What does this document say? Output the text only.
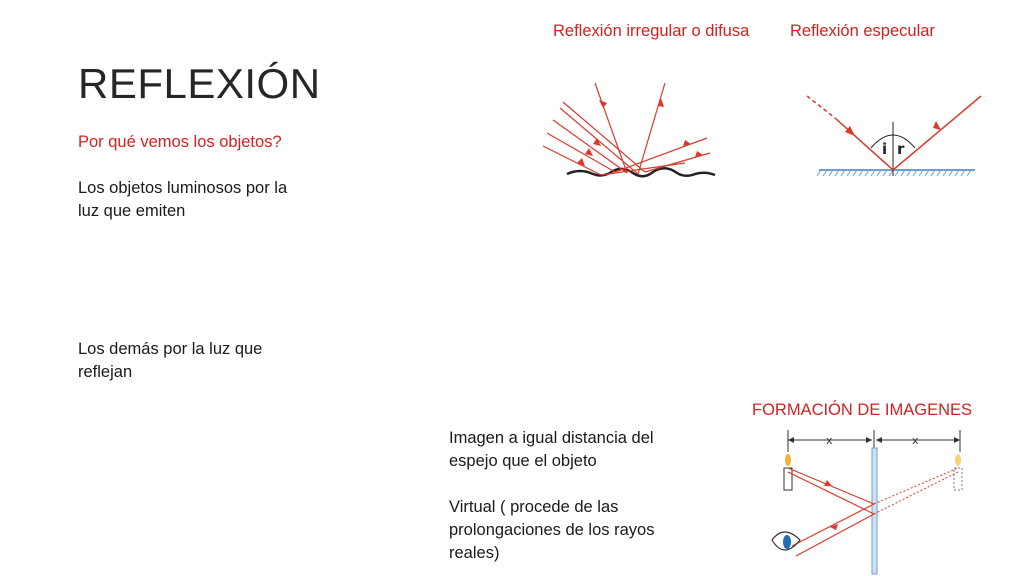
REFLEXIÓN
Por qué vemos los objetos?
Los objetos luminosos por la luz que emiten
Los demás por la luz que reflejan
Reflexión irregular o difusa Reflexión especular
i r
FORMACIÓN DE IMAGENES
Imagen a igual distancia del espejo que el objeto
Virtual ( procede de las prolongaciones de los rayos reales)
x	x
